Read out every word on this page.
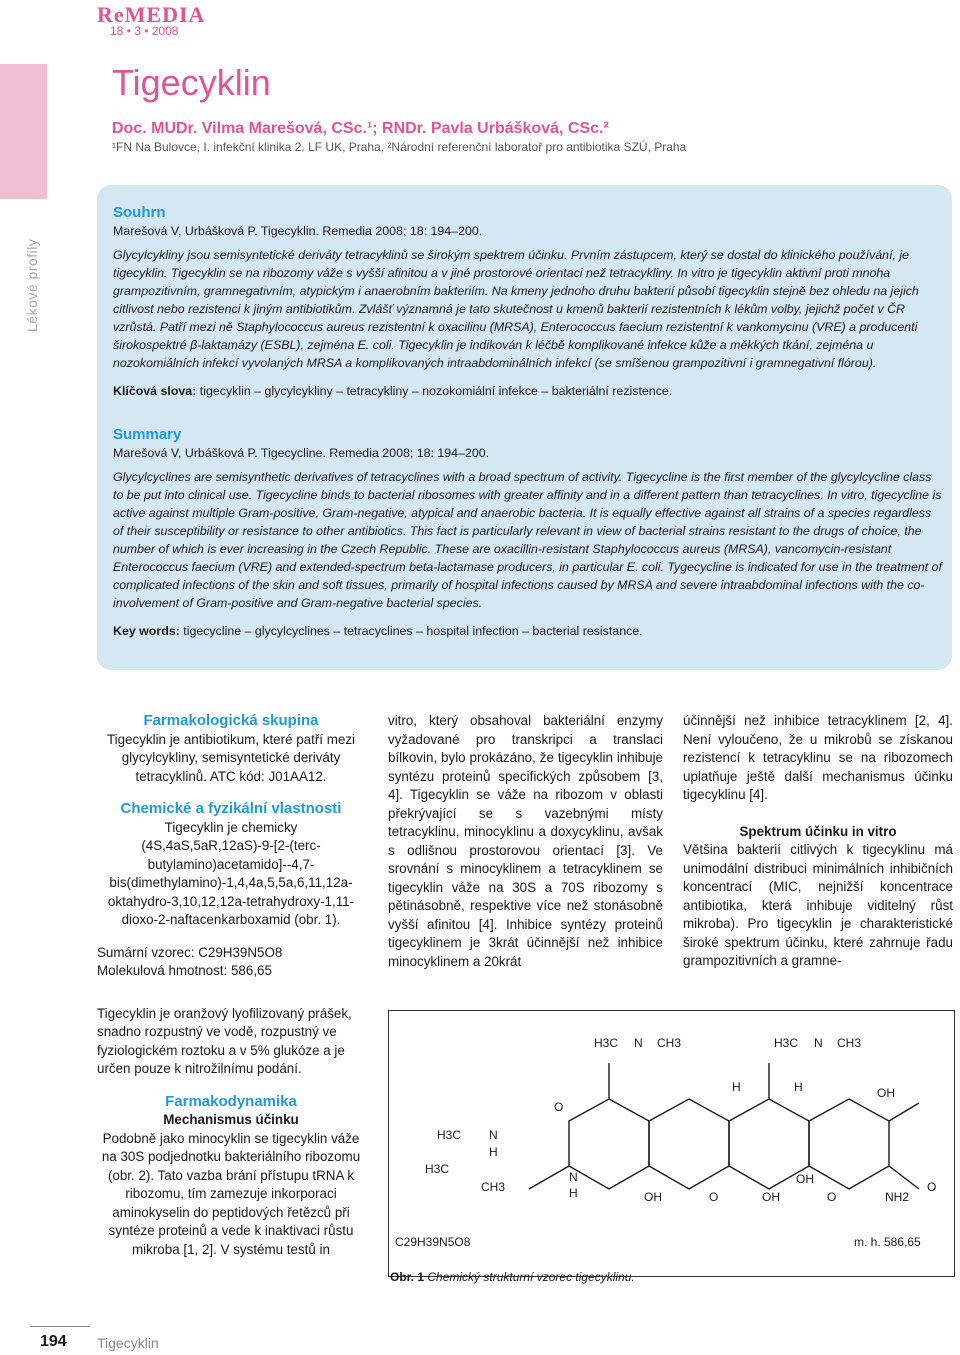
ReMEDIA
18 • 3 • 2008
Lékové profily
Tigecyklin
Doc. MUDr. Vilma Marešová, CSc.¹; RNDr. Pavla Urbášková, CSc.²
¹FN Na Bulovce, I. infekční klinika 2. LF UK, Praha, ²Národní referenční laboratoř pro antibiotika SZÚ, Praha
Souhrn
Marešová V, Urbášková P. Tigecyklin. Remedia 2008; 18: 194–200.
Glycylcykliny jsou semisyntetické deriváty tetracyklinů se širokým spektrem účinku. Prvním zástupcem, který se dostal do klinického používání, je tigecyklin. Tigecyklin se na ribozomy váže s vyšší afinitou a v jiné prostorové orientaci než tetracykliny. In vitro je tigecyklin aktivní proti mnoha grampozitivním, gramnegativním, atypickým i anaerobním bakteriím. Na kmeny jednoho druhu bakterií působí tigecyklin stejně bez ohledu na jejich citlivost nebo rezistenci k jiným antibiotikům. Zvlášť významná je tato skutečnost u kmenů bakterií rezistentních k lékům volby, jejichž počet v ČR vzrůstá. Patří mezi ně Staphylococcus aureus rezistentní k oxacilinu (MRSA), Enterococcus faecium rezistentní k vankomycinu (VRE) a producenti širokospektré β-laktamázy (ESBL), zejména E. coli. Tigecyklin je indikován k léčbě komplikované infekce kůže a měkkých tkání, zejména u nozokomiálních infekcí vyvolaných MRSA a komplikovaných intraabdominálních infekcí (se smíšenou grampozitivní i gramnegativní flórou).
Klíčová slova: tigecyklin – glycylcykliny – tetracykliny – nozokomiální infekce – bakteriální rezistence.
Summary
Marešová V, Urbášková P. Tigecycline. Remedia 2008; 18: 194–200.
Glycylcyclines are semisynthetic derivatives of tetracyclines with a broad spectrum of activity. Tigecycline is the first member of the glycylcycline class to be put into clinical use. Tigecycline binds to bacterial ribosomes with greater affinity and in a different pattern than tetracyclines. In vitro, tigecycline is active against multiple Gram-positive, Gram-negative, atypical and anaerobic bacteria. It is equally effective against all strains of a species regardless of their susceptibility or resistance to other antibiotics. This fact is particularly relevant in view of bacterial strains resistant to the drugs of choice, the number of which is ever increasing in the Czech Republic. These are oxacillin-resistant Staphylococcus aureus (MRSA), vancomycin-resistant Enterococcus faecium (VRE) and extended-spectrum beta-lactamase producers, in particular E. coli. Tygecycline is indicated for use in the treatment of complicated infections of the skin and soft tissues, primarily of hospital infections caused by MRSA and severe intraabdominal infections with the co-involvement of Gram-positive and Gram-negative bacterial species.
Key words: tigecycline – glycylcyclines – tetracyclines – hospital infection – bacterial resistance.
Farmakologická skupina
Tigecyklin je antibiotikum, které patří mezi glycylcykliny, semisyntetické deriváty tetracyklinů. ATC kód: J01AA12.
Chemické a fyzikální vlastnosti
Tigecyklin je chemicky (4S,4aS,5aR,12aS)-9-[2-(terc-butylamino)acetamido]--4,7-bis(dimethylamino)-1,4,4a,5,5a,6,11,12a-oktahydro-3,10,12,12a-tetrahydroxy-1,11-dioxo-2-naftacenkarboxamid (obr. 1).
Sumární vzorec: C29H39N5O8
Molekulová hmotnost: 586,65
Tigecyklin je oranžový lyofilizovaný prášek, snadno rozpustný ve vodě, rozpustný ve fyziologickém roztoku a v 5% glukóze a je určen pouze k nitrožilnímu podání.
Farmakodynamika
Mechanismus účinku
Podobně jako minocyklin se tigecyklin váže na 30S podjednotku bakteriálního ribozomu (obr. 2). Tato vazba brání přístupu tRNA k ribozomu, tím zamezuje inkorporaci aminokyselin do peptidových řetězců při syntéze proteinů a vede k inaktivaci růstu mikroba [1, 2]. V systému testů in
vitro, který obsahoval bakteriální enzymy vyžadované pro transkripci a translaci bílkovin, bylo prokázáno, že tigecyklin inhibuje syntézu proteinů specifických způsobem [3, 4]. Tigecyklin se váže na ribozom v oblasti překrývající se s vazebnými místy tetracyklinu, minocyklinu a doxycyklinu, avšak s odlišnou prostorovou orientací [3]. Ve srovnání s minocyklinem a tetracyklinem se tigecyklin váže na 30S a 70S ribozomy s pětinásobně, respektive více než stonásobně vyšší afinitou [4]. Inhibice syntézy proteinů tigecyklinem je 3krát účinnější než inhibice minocyklinem a 20krát
účinnější než inhibice tetracyklinem [2, 4]. Není vyloučeno, že u mikrobů se získanou rezistencí k tetracyklinu se na ribozomech uplatňuje ještě další mechanismus účinku tigecyklinu [4].
Spektrum účinku in vitro
Většina bakterií citlivých k tigecyklinu má unimodální distribuci minimálních inhibičních koncentrací (MIC, nejnižší koncentrace antibiotika, která inhibuje viditelný růst mikroba). Pro tigecyklin je charakteristické široké spektrum účinku, které zahrnuje řadu grampozitivních a gramne-
H3C N CH3	H3C N CH3
H	H	OH
O
H3C
H3C
CH3
N
H
N
H	OH	O	OH
OH
O
O
NH2
C29H39N5O8	m. h. 586,65
Obr. 1 Chemický strukturní vzorec tigecyklinu.
194 Tigecyklin
